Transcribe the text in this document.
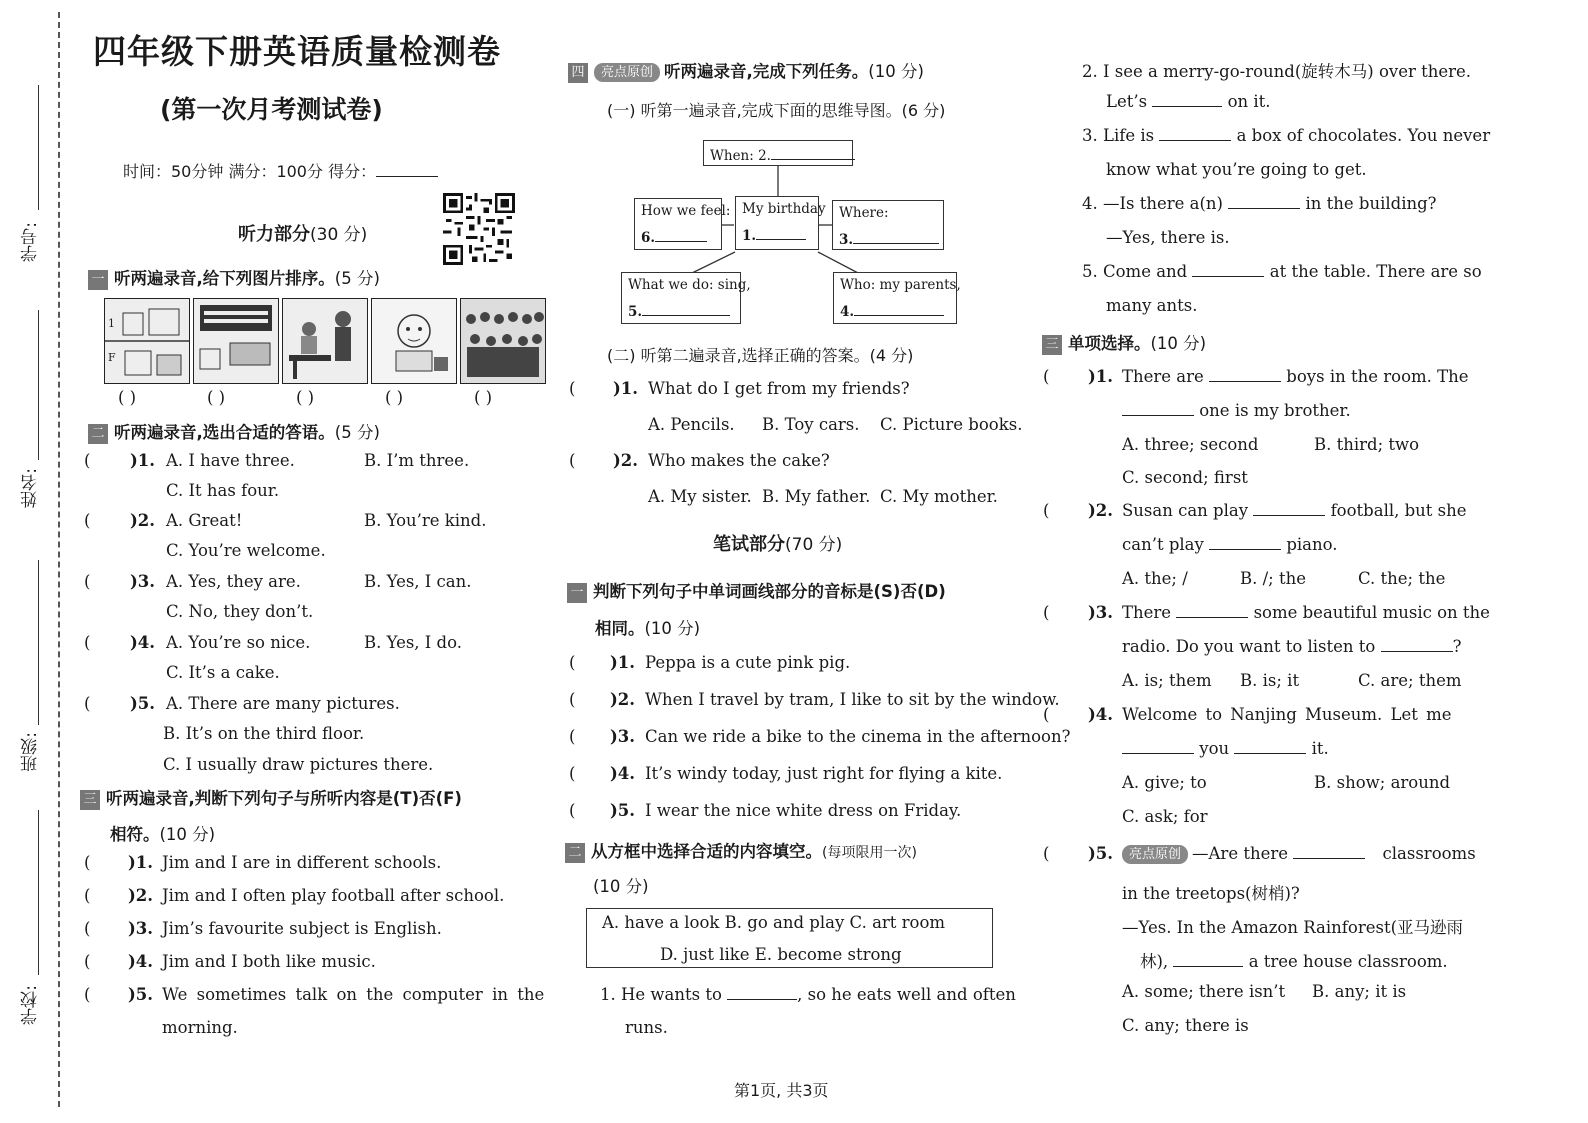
学号:
姓名:
班级:
学校:
四年级下册英语质量检测卷
(第一次月考测试卷)
时间：50分钟 满分：100分 得分：
听力部分(30 分)
一 听两遍录音,给下列图片排序。(5 分)
1
F
( )	( )	( )	( )	( )
二 听两遍录音,选出合适的答语。(5 分)
( )1. A. I have three.	B. I’m three.
C. It has four.
( )2. A. Great!	B. You’re kind.
C. You’re welcome.
( )3. A. Yes, they are.	B. Yes, I can.
C. No, they don’t.
( )4. A. You’re so nice.	B. Yes, I do.
C. It’s a cake.
( )5. A. There are many pictures.
B. It’s on the third floor.
C. I usually draw pictures there.
三 听两遍录音,判断下列句子与所听内容是(T)否(F)
相符。(10 分)
( )1. Jim and I are in different schools.
( )2. Jim and I often play football after school.
( )3. Jim’s favourite subject is English.
( )4. Jim and I both like music.
( )5. We sometimes talk on the computer in the
morning.
四 亮点原创 听两遍录音,完成下列任务。(10 分)
(一) 听第一遍录音,完成下面的思维导图。(6 分)
When: 2.
How we feel:
6.
My birthday
1.
Where:
3.
What we do: sing,
5.
Who: my parents,
4.
(二) 听第二遍录音,选择正确的答案。(4 分)
( )1. What do I get from my friends?
A. Pencils. B. Toy cars. C. Picture books.
( )2. Who makes the cake?
A. My sister. B. My father. C. My mother.
笔试部分(70 分)
一 判断下列句子中单词画线部分的音标是(S)否(D)
相同。(10 分)
( )1. Peppa is a cute pink pig.
( )2. When I travel by tram, I like to sit by the window.
( )3. Can we ride a bike to the cinema in the afternoon?
( )4. It’s windy today, just right for flying a kite.
( )5. I wear the nice white dress on Friday.
二 从方框中选择合适的内容填空。(每项限用一次)
(10 分)
A. have a look B. go and play C. art room
D. just like E. become strong
1. He wants to	, so he eats well and often
runs.
2. I see a merry-go-round(旋转木马) over there.
Let’s	on it.
3. Life is	a box of chocolates. You never
know what you’re going to get.
4. —Is there a(n)	in the building?
—Yes, there is.
5. Come and	at the table. There are so
many ants.
三 单项选择。(10 分)
( )1. There are	boys in the room. The
one is my brother.
A. three; second	B. third; two
C. second; first
( )2. Susan can play	football, but she
can’t play	piano.
A. the; /	B. /; the	C. the; the
( )3. There	some beautiful music on the
radio. Do you want to listen to	?
A. is; them B. is; it	C. are; them
( )4. Welcome to Nanjing Museum. Let me
you	it.
A. give; to	B. show; around
C. ask; for
( )5.	亮点原创 —Are there	classrooms
in the treetops(树梢)?
—Yes. In the Amazon Rainforest(亚马逊雨
林),	a tree house classroom.
A. some; there isn’t B. any; it is
C. any; there is
第1页, 共3页
